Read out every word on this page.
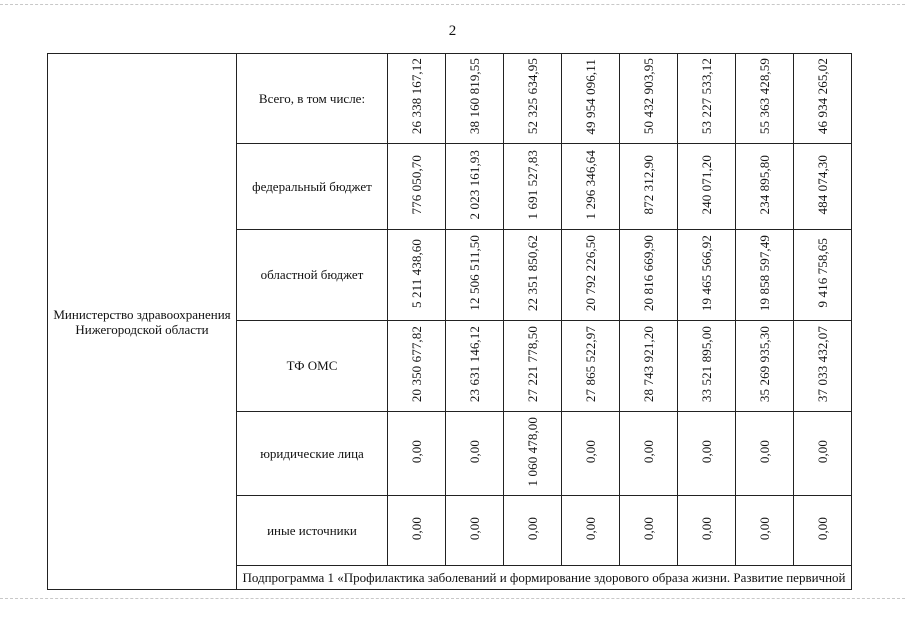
2
Министерство здравоохранения Нижегородской области	Всего, в том числе:	26 338 167,12	38 160 819,55	52 325 634,95	49 954 096,11	50 432 903,95	53 227 533,12	55 363 428,59	46 934 265,02
	федеральный бюджет	776 050,70	2 023 161,93	1 691 527,83	1 296 346,64	872 312,90	240 071,20	234 895,80	484 074,30
	областной бюджет	5 211 438,60	12 506 511,50	22 351 850,62	20 792 226,50	20 816 669,90	19 465 566,92	19 858 597,49	9 416 758,65
	ТФ ОМС	20 350 677,82	23 631 146,12	27 221 778,50	27 865 522,97	28 743 921,20	33 521 895,00	35 269 935,30	37 033 432,07
	юридические лица	0,00	0,00	1 060 478,00	0,00	0,00	0,00	0,00	0,00
	иные источники	0,00	0,00	0,00	0,00	0,00	0,00	0,00	0,00
	Подпрограмма 1 «Профилактика заболеваний и формирование здорового образа жизни. Развитие первичной								
